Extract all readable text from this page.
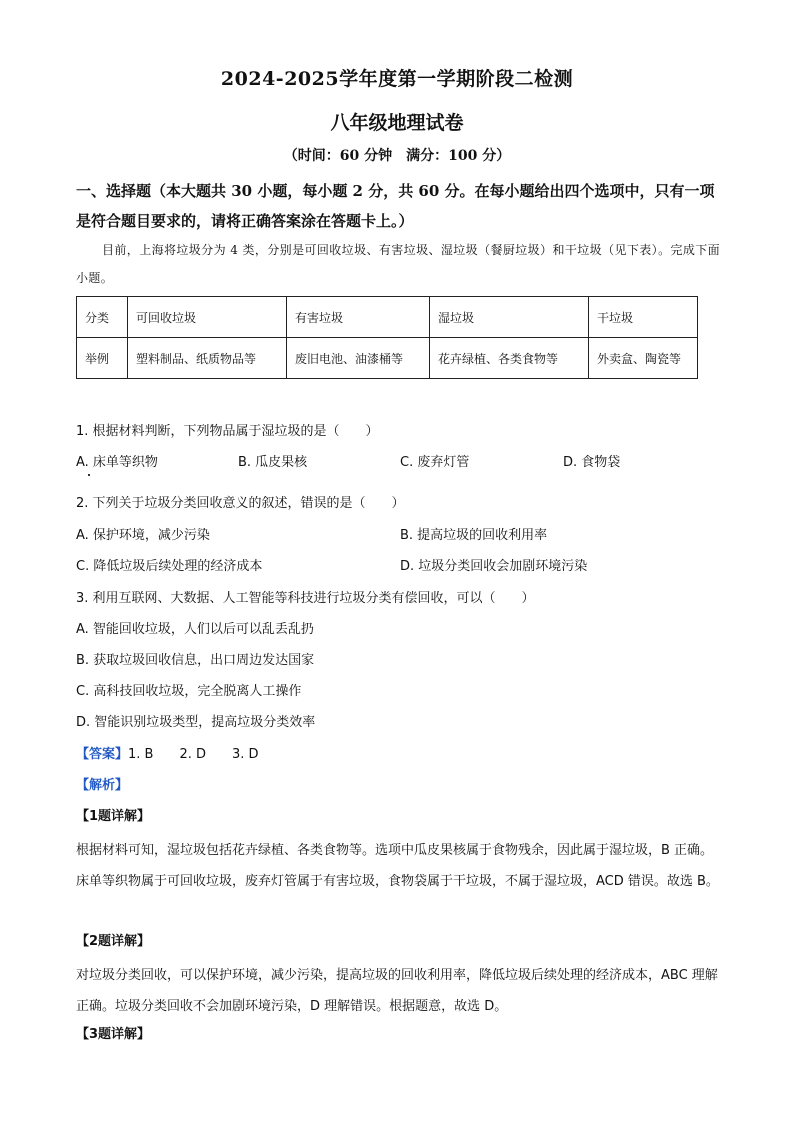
2024-2025学年度第一学期阶段二检测
八年级地理试卷
（时间：60 分钟　满分：100 分）
一、选择题（本大题共 30 小题，每小题 2 分，共 60 分。在每小题给出四个选项中，只有一项是符合题目要求的，请将正确答案涂在答题卡上。）
目前，上海将垃圾分为 4 类，分别是可回收垃圾、有害垃圾、湿垃圾（餐厨垃圾）和干垃圾（见下表）。完成下面小题。
分类	可回收垃圾	有害垃圾	湿垃圾	干垃圾
举例	塑料制品、纸质物品等	废旧电池、油漆桶等	花卉绿植、各类食物等	外卖盒、陶瓷等
1. 根据材料判断，下列物品属于湿垃圾的是（　　）
A. 床单等织物	B. 瓜皮果核	C. 废弃灯管	D. 食物袋
2. 下列关于垃圾分类回收意义的叙述，错误的是（　　）
A. 保护环境，减少污染	B. 提高垃圾的回收利用率
C. 降低垃圾后续处理的经济成本	D. 垃圾分类回收会加剧环境污染
3. 利用互联网、大数据、人工智能等科技进行垃圾分类有偿回收，可以（　　）
A. 智能回收垃圾，人们以后可以乱丢乱扔
B. 获取垃圾回收信息，出口周边发达国家
C. 高科技回收垃圾，完全脱离人工操作
D. 智能识别垃圾类型，提高垃圾分类效率
【答案】1. B　　2. D　　3. D
【解析】
【1题详解】
根据材料可知，湿垃圾包括花卉绿植、各类食物等。选项中瓜皮果核属于食物残余，因此属于湿垃圾，B 正确。床单等织物属于可回收垃圾，废弃灯管属于有害垃圾，食物袋属于干垃圾，不属于湿垃圾，ACD 错误。故选 B。
【2题详解】
对垃圾分类回收，可以保护环境，减少污染，提高垃圾的回收利用率，降低垃圾后续处理的经济成本，ABC 理解正确。垃圾分类回收不会加剧环境污染，D 理解错误。根据题意，故选 D。
【3题详解】
